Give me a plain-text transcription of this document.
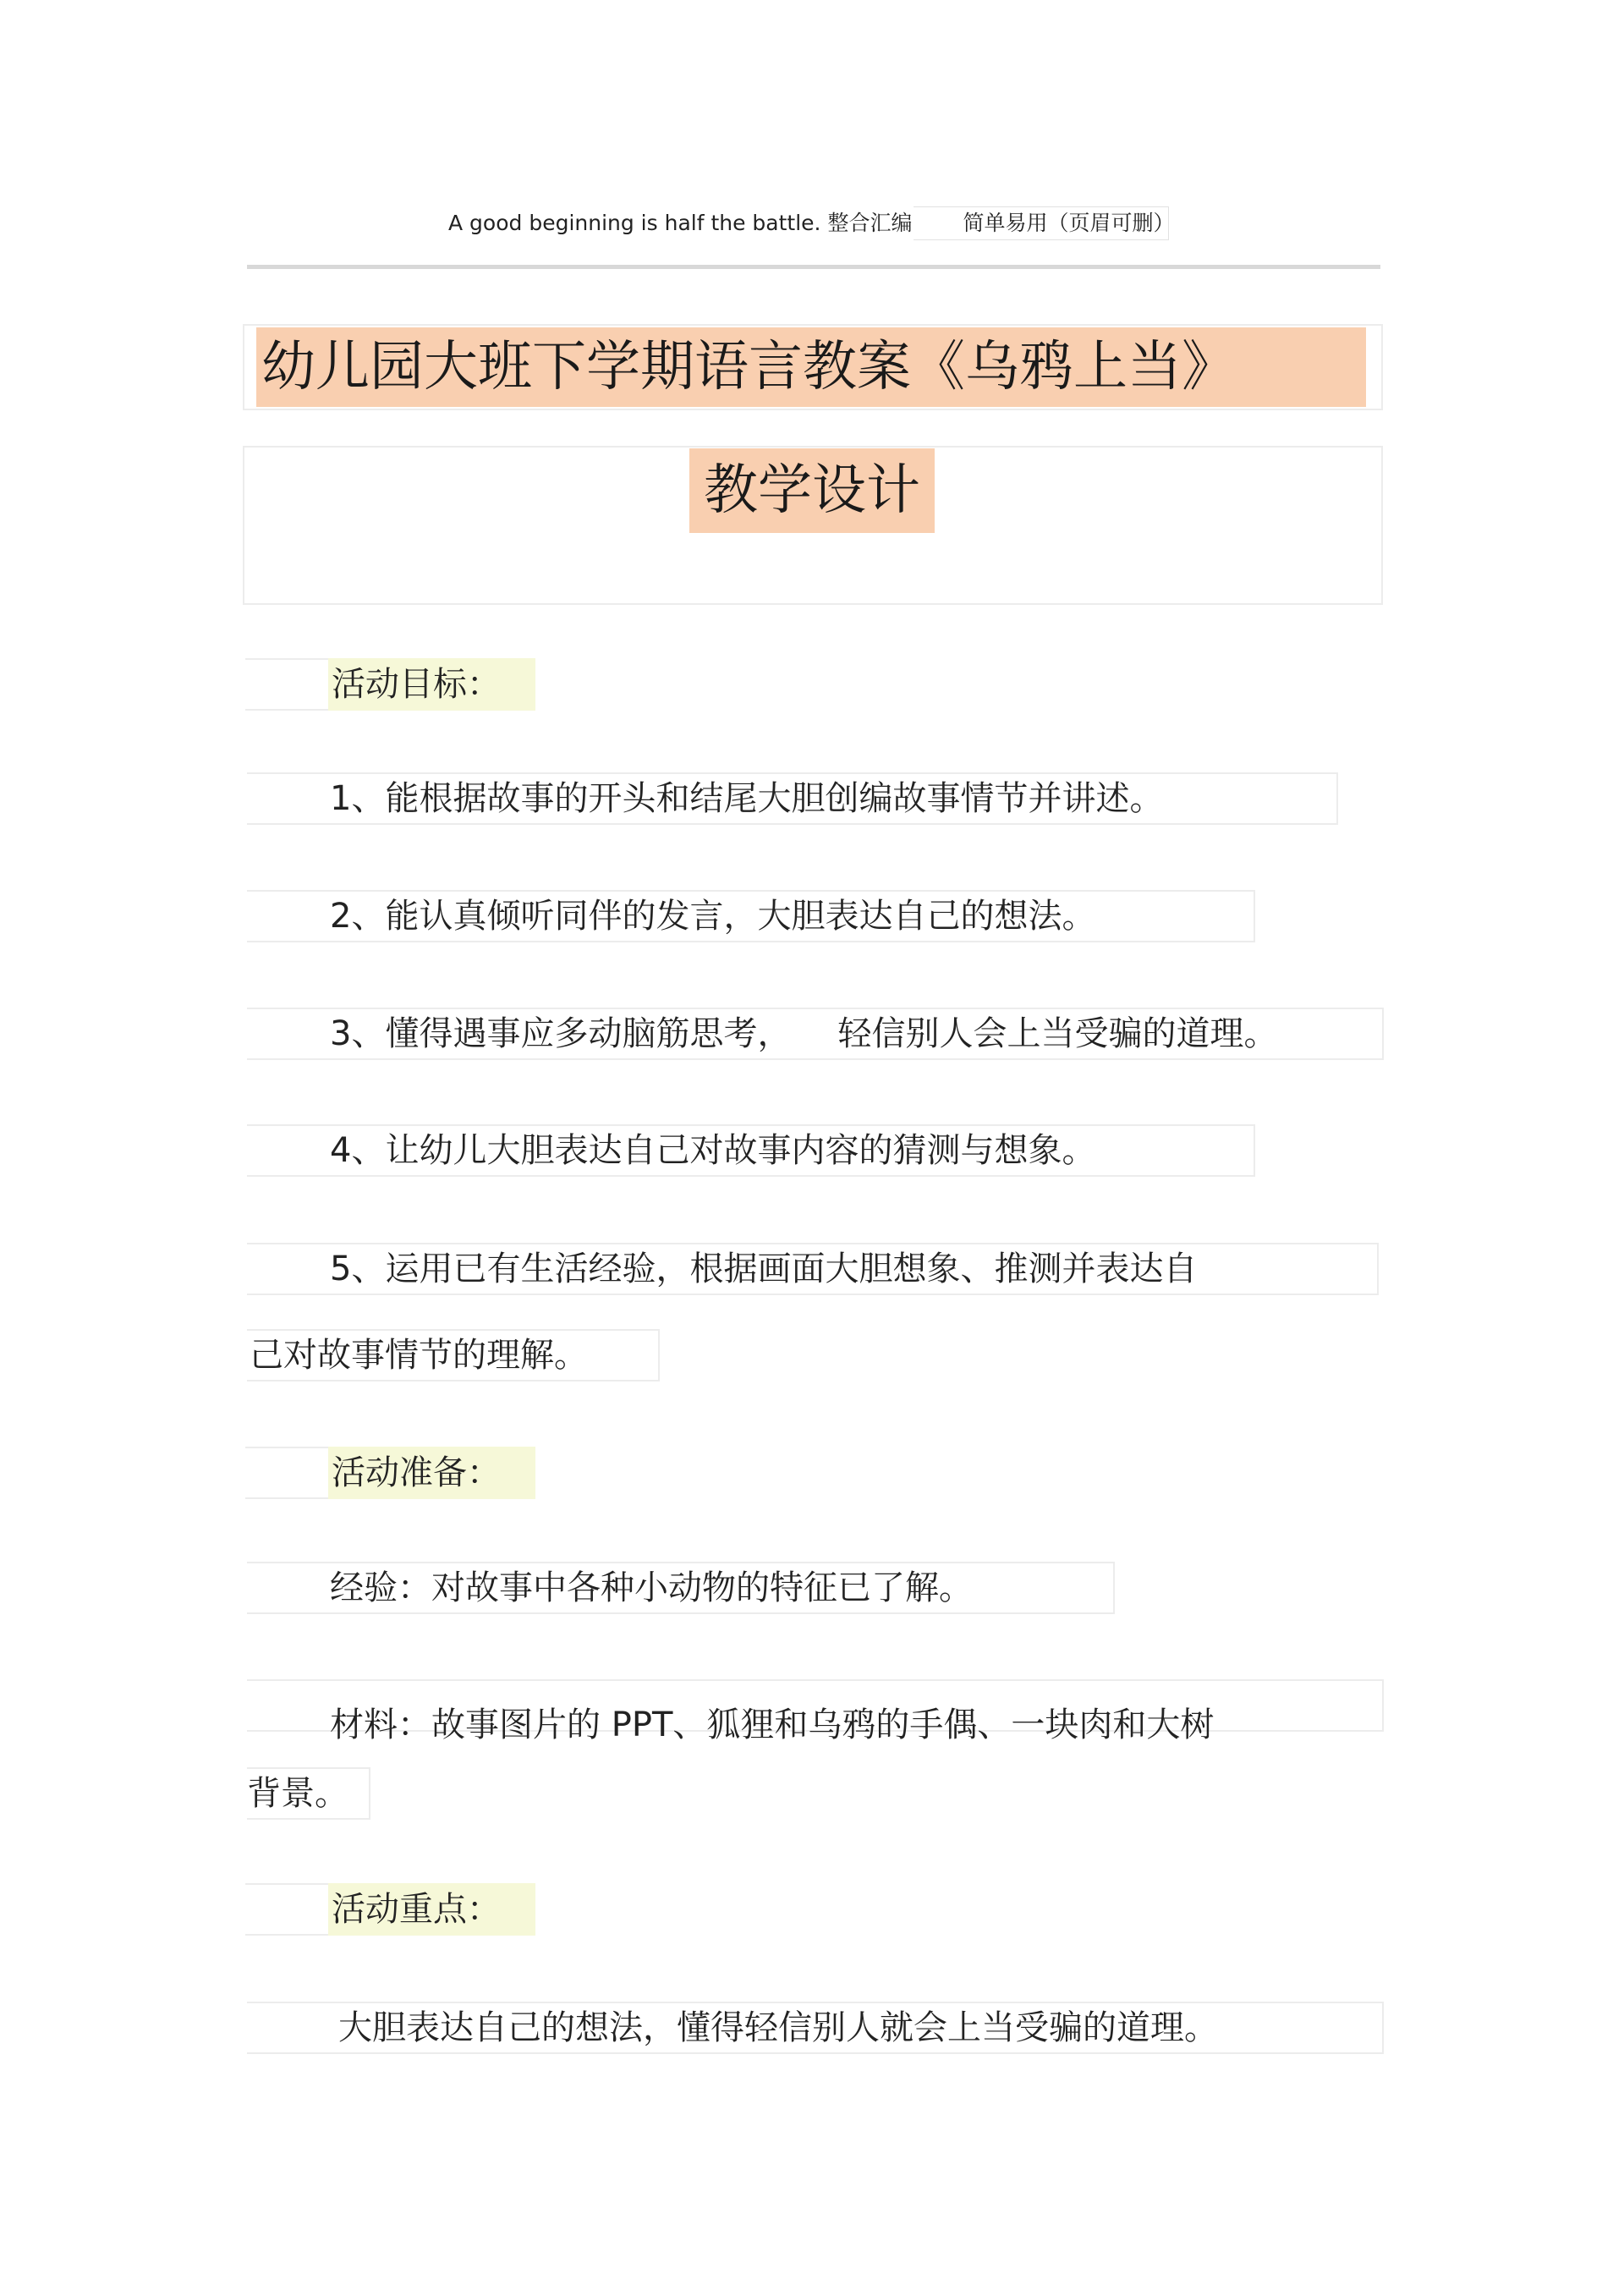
A good beginning is half the battle. 整合汇编 简单易用（页眉可删）
幼儿园大班下学期语言教案《乌鸦上当》
教学设计
活动目标：
1、能根据故事的开头和结尾大胆创编故事情节并讲述。
2、能认真倾听同伴的发言，大胆表达自己的想法。
3、懂得遇事应多动脑筋思考， 轻信别人会上当受骗的道理。
4、让幼儿大胆表达自己对故事内容的猜测与想象。
5、运用已有生活经验，根据画面大胆想象、推测并表达自
己对故事情节的理解。
活动准备：
经验：对故事中各种小动物的特征已了解。
材料：故事图片的 PPT、狐狸和乌鸦的手偶、一块肉和大树
背景。
活动重点：
大胆表达自己的想法，懂得轻信别人就会上当受骗的道理。
